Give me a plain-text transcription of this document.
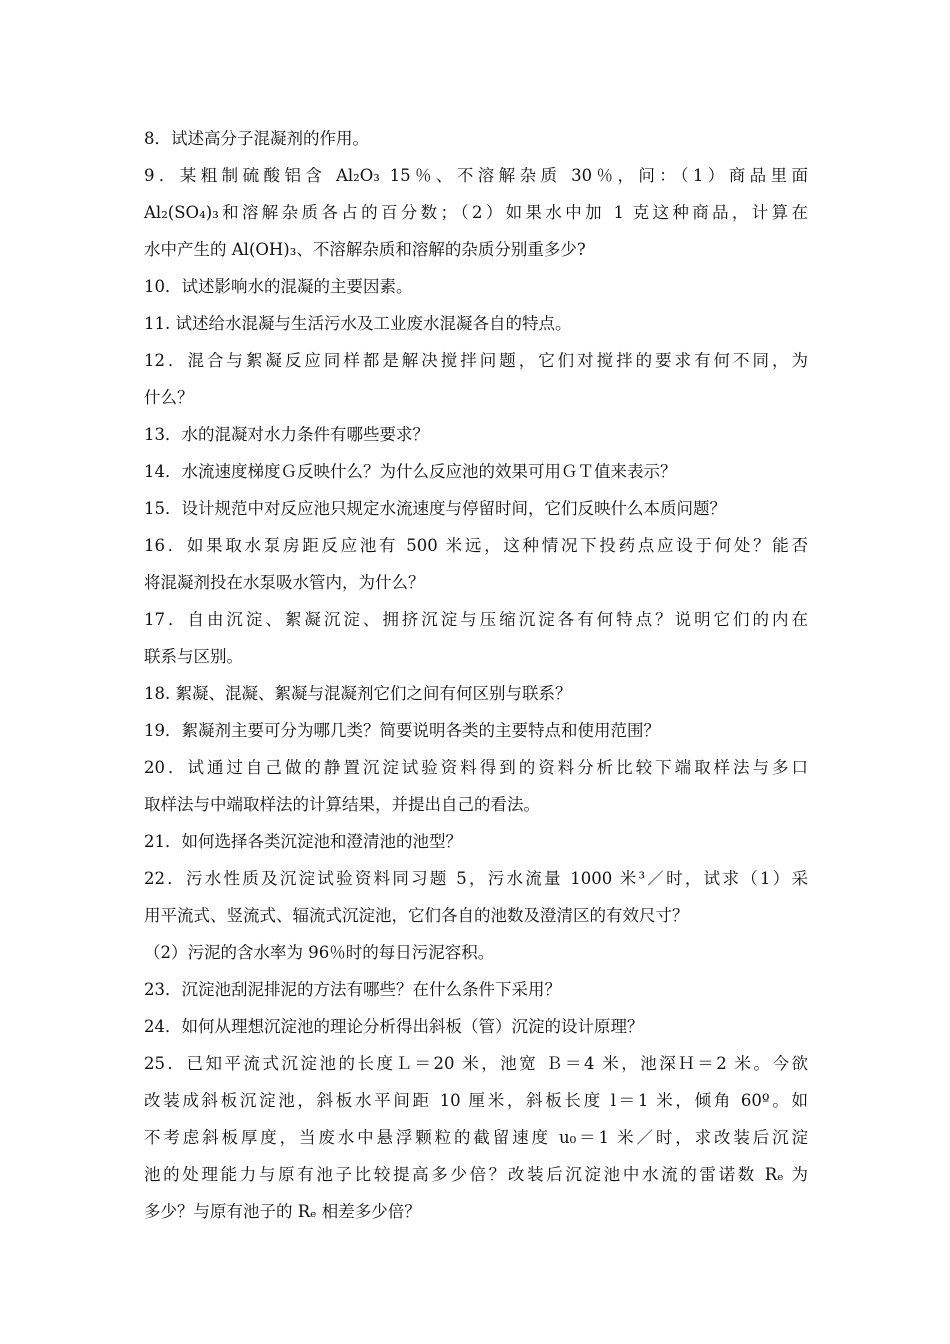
8．试述高分子混凝剂的作用。
9．某粗制硫酸铝含 Al₂O₃ 15％、不溶解杂质 30％，问：（1）商品里面
Al₂(SO₄)₃和溶解杂质各占的百分数；（2）如果水中加 1 克这种商品，计算在
水中产生的 Al(OH)₃、不溶解杂质和溶解的杂质分别重多少?
10．试述影响水的混凝的主要因素。
11. 试述给水混凝与生活污水及工业废水混凝各自的特点。
12．混合与絮凝反应同样都是解决搅拌问题，它们对搅拌的要求有何不同，为
什么？
13．水的混凝对水力条件有哪些要求？
14．水流速度梯度Ｇ反映什么？为什么反应池的效果可用ＧＴ值来表示？
15．设计规范中对反应池只规定水流速度与停留时间，它们反映什么本质问题？
16．如果取水泵房距反应池有 500 米远，这种情况下投药点应设于何处？能否
将混凝剂投在水泵吸水管内，为什么？
17．自由沉淀、絮凝沉淀、拥挤沉淀与压缩沉淀各有何特点？说明它们的内在
联系与区别。
18. 絮凝、混凝、絮凝与混凝剂它们之间有何区别与联系？
19．絮凝剂主要可分为哪几类？简要说明各类的主要特点和使用范围？
20．试通过自己做的静置沉淀试验资料得到的资料分析比较下端取样法与多口
取样法与中端取样法的计算结果，并提出自己的看法。
21．如何选择各类沉淀池和澄清池的池型？
22．污水性质及沉淀试验资料同习题 5，污水流量 1000 米³／时，试求（1）采
用平流式、竖流式、辐流式沉淀池，它们各自的池数及澄清区的有效尺寸？
（2）污泥的含水率为 96％时的每日污泥容积。
23．沉淀池刮泥排泥的方法有哪些？在什么条件下采用？
24．如何从理想沉淀池的理论分析得出斜板（管）沉淀的设计原理？
25．已知平流式沉淀池的长度Ｌ＝20 米，池宽 Ｂ＝4 米，池深Ｈ＝2 米。今欲
改装成斜板沉淀池，斜板水平间距 10 厘米，斜板长度 l＝1 米，倾角 60º。如
不考虑斜板厚度，当废水中悬浮颗粒的截留速度 u₀＝1 米／时，求改装后沉淀
池的处理能力与原有池子比较提高多少倍？改装后沉淀池中水流的雷诺数 Rₑ 为
多少？与原有池子的 Rₑ 相差多少倍？
